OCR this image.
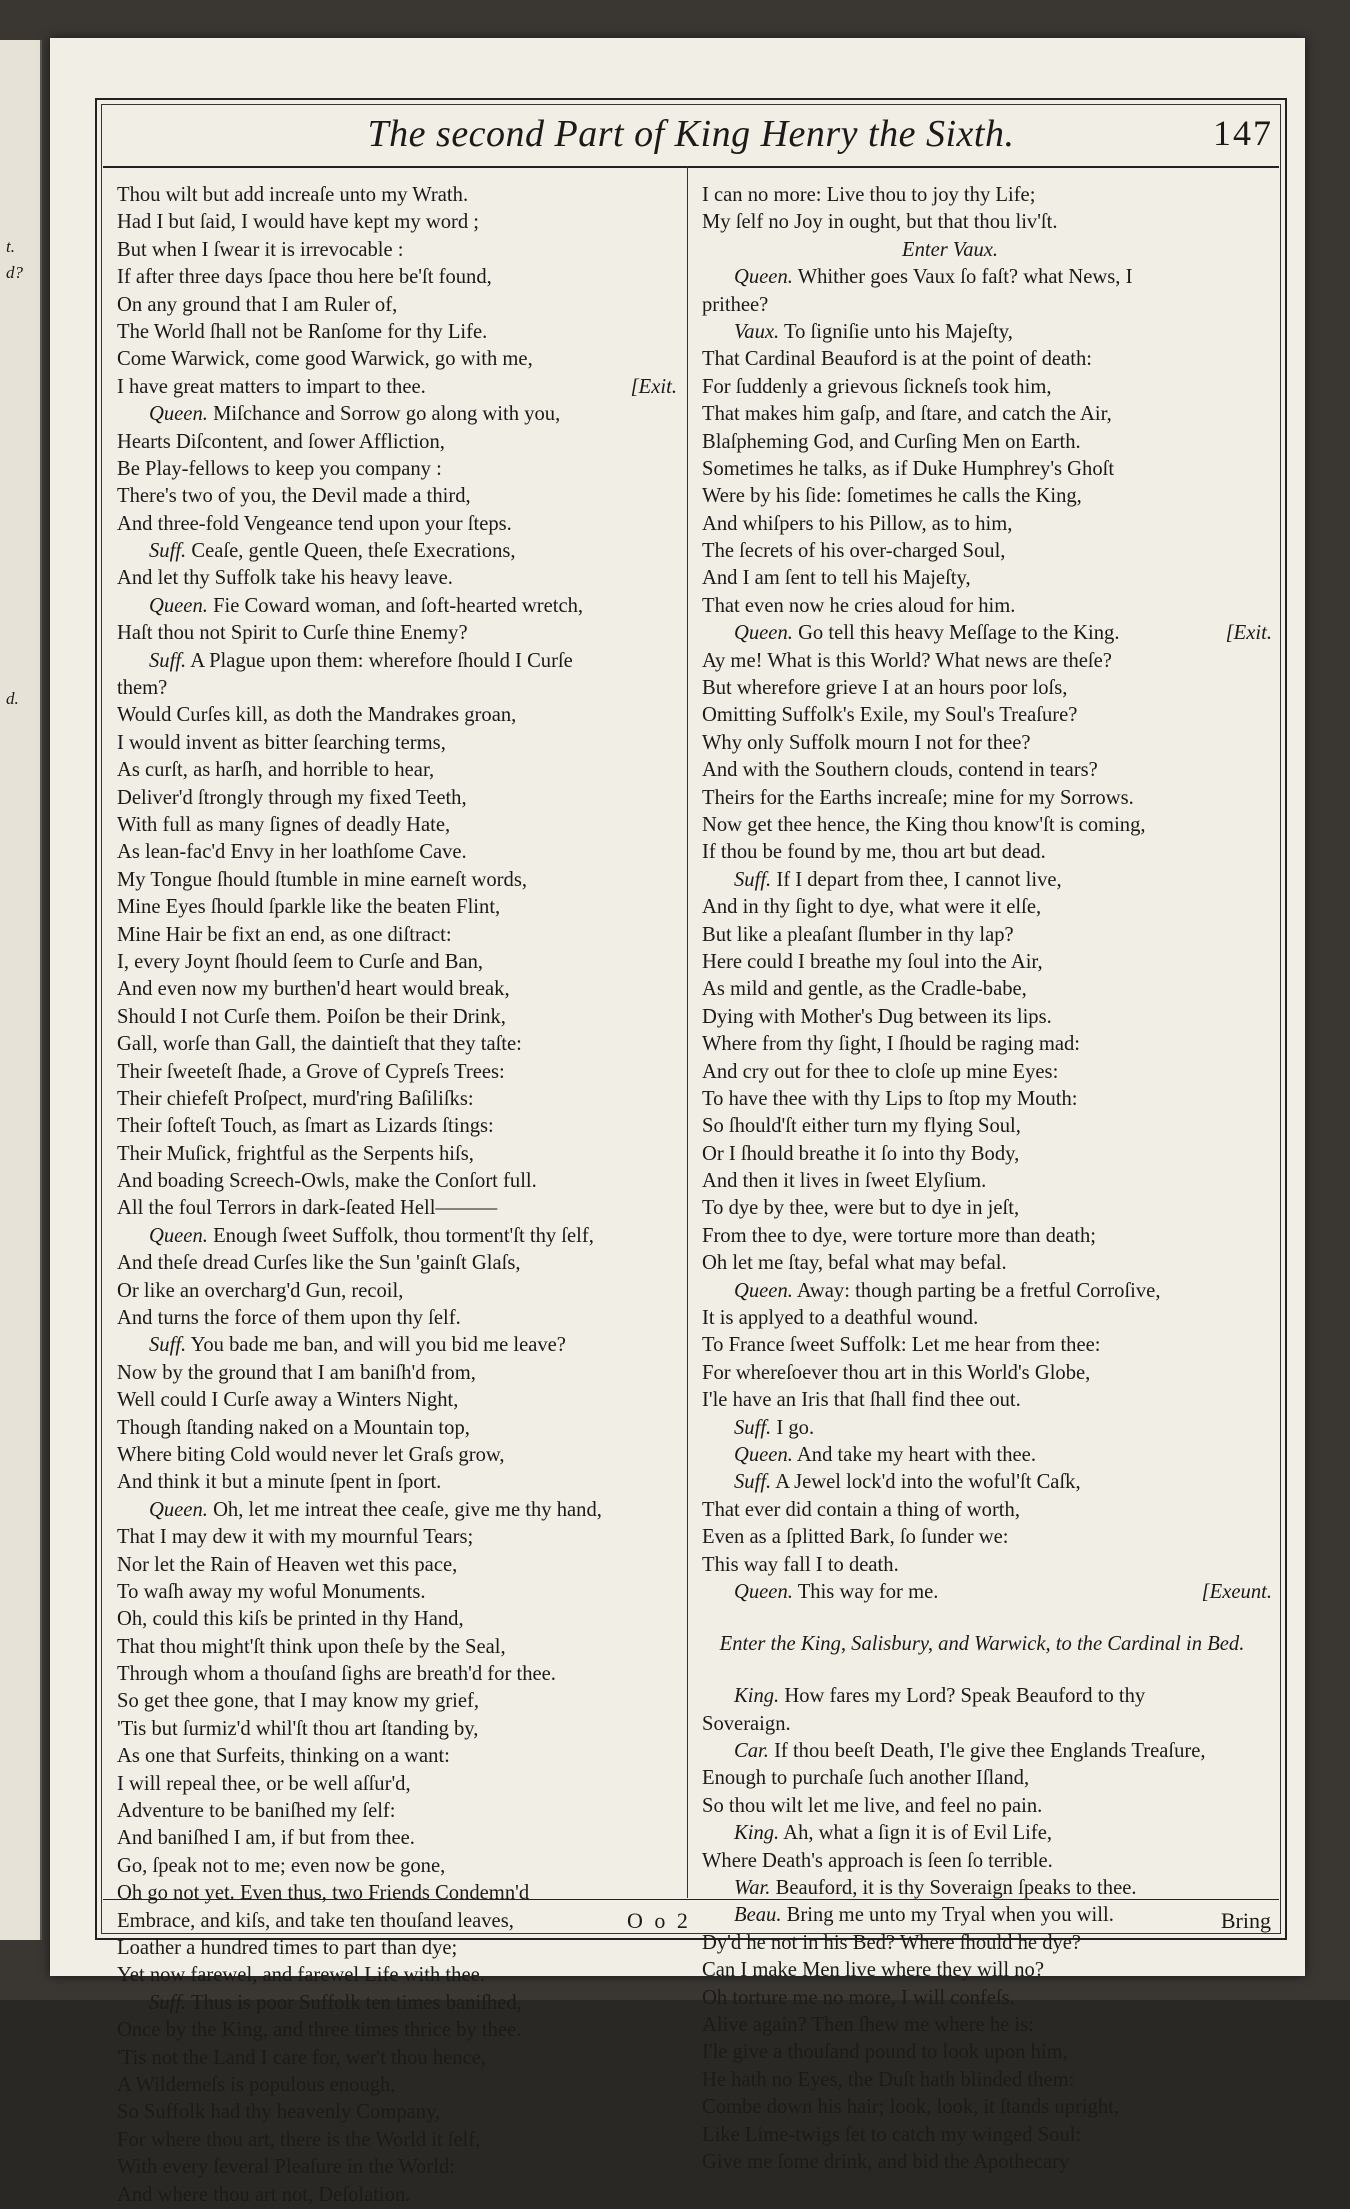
t.
d?
d.
The second Part of King Henry the Sixth.	147
Thou wilt but add increaſe unto my Wrath.
Had I but ſaid, I would have kept my word ;
But when I ſwear it is irrevocable :
If after three days ſpace thou here be'ſt found,
On any ground that I am Ruler of,
The World ſhall not be Ranſome for thy Life.
Come Warwick, come good Warwick, go with me,
I have great matters to impart to thee.	[Exit.
Queen. Miſchance and Sorrow go along with you,
Hearts Diſcontent, and ſower Affliction,
Be Play-fellows to keep you company :
There's two of you, the Devil made a third,
And three-fold Vengeance tend upon your ſteps.
Suff. Ceaſe, gentle Queen, theſe Execrations,
And let thy Suffolk take his heavy leave.
Queen. Fie Coward woman, and ſoft-hearted wretch,
Haſt thou not Spirit to Curſe thine Enemy?
Suff. A Plague upon them: wherefore ſhould I Curſe
them?
Would Curſes kill, as doth the Mandrakes groan,
I would invent as bitter ſearching terms,
As curſt, as harſh, and horrible to hear,
Deliver'd ſtrongly through my fixed Teeth,
With full as many ſignes of deadly Hate,
As lean-fac'd Envy in her loathſome Cave.
My Tongue ſhould ſtumble in mine earneſt words,
Mine Eyes ſhould ſparkle like the beaten Flint,
Mine Hair be fixt an end, as one diſtract:
I, every Joynt ſhould ſeem to Curſe and Ban,
And even now my burthen'd heart would break,
Should I not Curſe them. Poiſon be their Drink,
Gall, worſe than Gall, the daintieſt that they taſte:
Their ſweeteſt ſhade, a Grove of Cypreſs Trees:
Their chiefeſt Proſpect, murd'ring Baſiliſks:
Their ſofteſt Touch, as ſmart as Lizards ſtings:
Their Muſick, frightful as the Serpents hiſs,
And boading Screech-Owls, make the Conſort full.
All the foul Terrors in dark-ſeated Hell———
Queen. Enough ſweet Suffolk, thou torment'ſt thy ſelf,
And theſe dread Curſes like the Sun 'gainſt Glaſs,
Or like an overcharg'd Gun, recoil,
And turns the force of them upon thy ſelf.
Suff. You bade me ban, and will you bid me leave?
Now by the ground that I am baniſh'd from,
Well could I Curſe away a Winters Night,
Though ſtanding naked on a Mountain top,
Where biting Cold would never let Graſs grow,
And think it but a minute ſpent in ſport.
Queen. Oh, let me intreat thee ceaſe, give me thy hand,
That I may dew it with my mournful Tears;
Nor let the Rain of Heaven wet this pace,
To waſh away my woful Monuments.
Oh, could this kiſs be printed in thy Hand,
That thou might'ſt think upon theſe by the Seal,
Through whom a thouſand ſighs are breath'd for thee.
So get thee gone, that I may know my grief,
'Tis but ſurmiz'd whil'ſt thou art ſtanding by,
As one that Surfeits, thinking on a want:
I will repeal thee, or be well aſſur'd,
Adventure to be baniſhed my ſelf:
And baniſhed I am, if but from thee.
Go, ſpeak not to me; even now be gone,
Oh go not yet. Even thus, two Friends Condemn'd
Embrace, and kiſs, and take ten thouſand leaves,
Loather a hundred times to part than dye;
Yet now farewel, and farewel Life with thee.
Suff. Thus is poor Suffolk ten times baniſhed,
Once by the King, and three times thrice by thee.
'Tis not the Land I care for, wer't thou hence,
A Wilderneſs is populous enough,
So Suffolk had thy heavenly Company,
For where thou art, there is the World it ſelf,
With every ſeveral Pleaſure in the World:
And where thou art not, Deſolation.
I can no more: Live thou to joy thy Life;
My ſelf no Joy in ought, but that thou liv'ſt.
Enter Vaux.
Queen. Whither goes Vaux ſo faſt? what News, I
prithee?
Vaux. To ſigniſie unto his Majeſty,
That Cardinal Beauford is at the point of death:
For ſuddenly a grievous ſickneſs took him,
That makes him gaſp, and ſtare, and catch the Air,
Blaſpheming God, and Curſing Men on Earth.
Sometimes he talks, as if Duke Humphrey's Ghoſt
Were by his ſide: ſometimes he calls the King,
And whiſpers to his Pillow, as to him,
The ſecrets of his over-charged Soul,
And I am ſent to tell his Majeſty,
That even now he cries aloud for him.
Queen. Go tell this heavy Meſſage to the King.	[Exit.
Ay me! What is this World? What news are theſe?
But wherefore grieve I at an hours poor loſs,
Omitting Suffolk's Exile, my Soul's Treaſure?
Why only Suffolk mourn I not for thee?
And with the Southern clouds, contend in tears?
Theirs for the Earths increaſe; mine for my Sorrows.
Now get thee hence, the King thou know'ſt is coming,
If thou be found by me, thou art but dead.
Suff. If I depart from thee, I cannot live,
And in thy ſight to dye, what were it elſe,
But like a pleaſant ſlumber in thy lap?
Here could I breathe my ſoul into the Air,
As mild and gentle, as the Cradle-babe,
Dying with Mother's Dug between its lips.
Where from thy ſight, I ſhould be raging mad:
And cry out for thee to cloſe up mine Eyes:
To have thee with thy Lips to ſtop my Mouth:
So ſhould'ſt either turn my flying Soul,
Or I ſhould breathe it ſo into thy Body,
And then it lives in ſweet Elyſium.
To dye by thee, were but to dye in jeſt,
From thee to dye, were torture more than death;
Oh let me ſtay, befal what may befal.
Queen. Away: though parting be a fretful Corroſive,
It is applyed to a deathful wound.
To France ſweet Suffolk: Let me hear from thee:
For whereſoever thou art in this World's Globe,
I'le have an Iris that ſhall find thee out.
Suff. I go.
Queen. And take my heart with thee.
Suff. A Jewel lock'd into the woful'ſt Caſk,
That ever did contain a thing of worth,
Even as a ſplitted Bark, ſo ſunder we:
This way fall I to death.
Queen. This way for me.	[Exeunt.
Enter the King, Salisbury, and Warwick, to the Cardinal in Bed.
King. How fares my Lord? Speak Beauford to thy
Soveraign.
Car. If thou beeſt Death, I'le give thee Englands Treaſure,
Enough to purchaſe ſuch another Iſland,
So thou wilt let me live, and feel no pain.
King. Ah, what a ſign it is of Evil Life,
Where Death's approach is ſeen ſo terrible.
War. Beauford, it is thy Soveraign ſpeaks to thee.
Beau. Bring me unto my Tryal when you will.
Dy'd he not in his Bed? Where ſhould he dye?
Can I make Men live where they will no?
Oh torture me no more, I will confeſs.
Alive again? Then ſhew me where he is:
I'le give a thouſand pound to look upon him,
He hath no Eyes, the Duſt hath blinded them:
Combe down his hair; look, look, it ſtands upright,
Like Lime-twigs ſet to catch my winged Soul:
Give me ſome drink, and bid the Apothecary
O o 2	Bring
